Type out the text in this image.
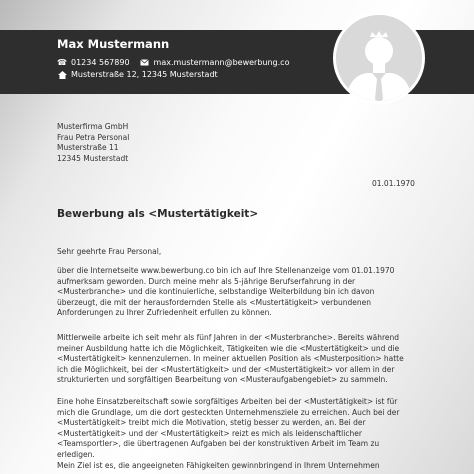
Max Mustermann
☎ 01234 567890	max.mustermann@bewerbung.co
Musterstraße 12, 12345 Musterstadt
Musterfirma GmbH
Frau Petra Personal
Musterstraße 11
12345 Musterstadt
01.01.1970
Bewerbung als <Mustertätigkeit>
Sehr geehrte Frau Personal,
über die Internetseite www.bewerbung.co bin ich auf Ihre Stellenanzeige vom 01.01.1970 aufmerksam geworden. Durch meine mehr als 5-jährige Berufserfahrung in der <Musterbranche> und die kontinuierliche, selbstandige Weiterbildung bin ich davon überzeugt, die mit der herausfordernden Stelle als <Mustertätigkeit> verbundenen Anforderungen zu Ihrer Zufriedenheit erfullen zu können.
Mittlerweile arbeite ich seit mehr als fünf Jahren in der <Musterbranche>. Bereits während meiner Ausbildung hatte ich die Möglichkeit, Tätigkeiten wie die <Mustertätigkeit> und die <Mustertätigkeit> kennenzulernen. In meiner aktuellen Position als <Musterposition> hatte ich die Möglichkeit, bei der <Mustertätigkeit> und der <Mustertätigkeit> vor allem in der strukturierten und sorgfältigen Bearbeitung von <Musteraufgabengebiet> zu sammeln.
Eine hohe Einsatzbereitschaft sowie sorgfältiges Arbeiten bei der <Mustertätigkeit> ist für mich die Grundlage, um die dort gesteckten Unternehmensziele zu erreichen. Auch bei der <Mustertätigkeit> treibt mich die Motivation, stetig besser zu werden, an. Bei der <Mustertätigkeit> und der <Mustertätigkeit> reizt es mich als leidenschaftlicher <Teamsportler>, die übertragenen Aufgaben bei der konstruktiven Arbeit im Team zu erledigen.
Mein Ziel ist es, die angeeigneten Fähigkeiten gewinnbringend in Ihrem Unternehmen
